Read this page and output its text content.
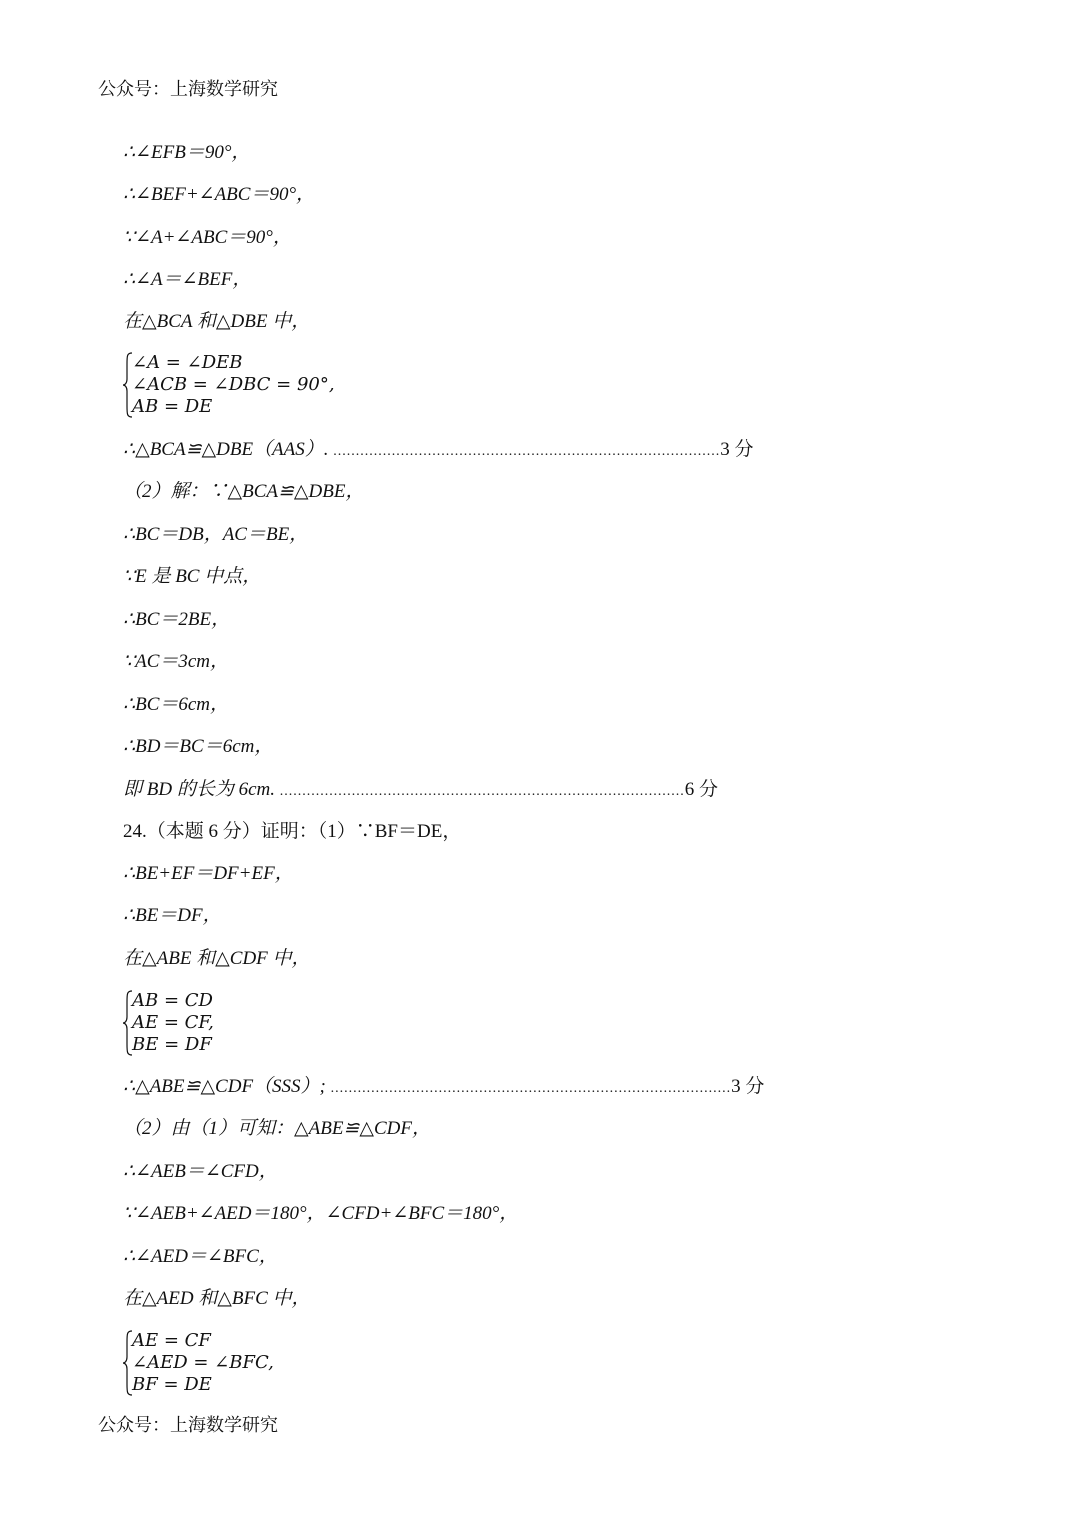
公众号：上海数学研究
∴∠EFB＝90°，
∴∠BEF+∠ABC＝90°，
∵∠A+∠ABC＝90°，
∴∠A＝∠BEF，
在△BCA 和△DBE 中，
∠A = ∠DEB
∠ACB = ∠DBC = 90°,
AB = DE
∴△BCA≌△DBE（AAS）. ......................................................................................3 分
（2）解：∵△BCA≌△DBE，
∴BC＝DB，AC＝BE，
∵E 是 BC 中点，
∴BC＝2BE，
∵AC＝3cm，
∴BC＝6cm，
∴BD＝BC＝6cm，
即 BD 的长为 6cm. ..........................................................................................6 分
24.（本题 6 分）证明：（1）∵BF＝DE，
∴BE+EF＝DF+EF，
∴BE＝DF，
在△ABE 和△CDF 中，
AB = CD
AE = CF,
BE = DF
∴△ABE≌△CDF（SSS）; .........................................................................................3 分
（2）由（1）可知：△ABE≌△CDF，
∴∠AEB＝∠CFD，
∵∠AEB+∠AED＝180°，∠CFD+∠BFC＝180°，
∴∠AED＝∠BFC，
在△AED 和△BFC 中，
AE = CF
∠AED = ∠BFC,
BF = DE
公众号：上海数学研究
